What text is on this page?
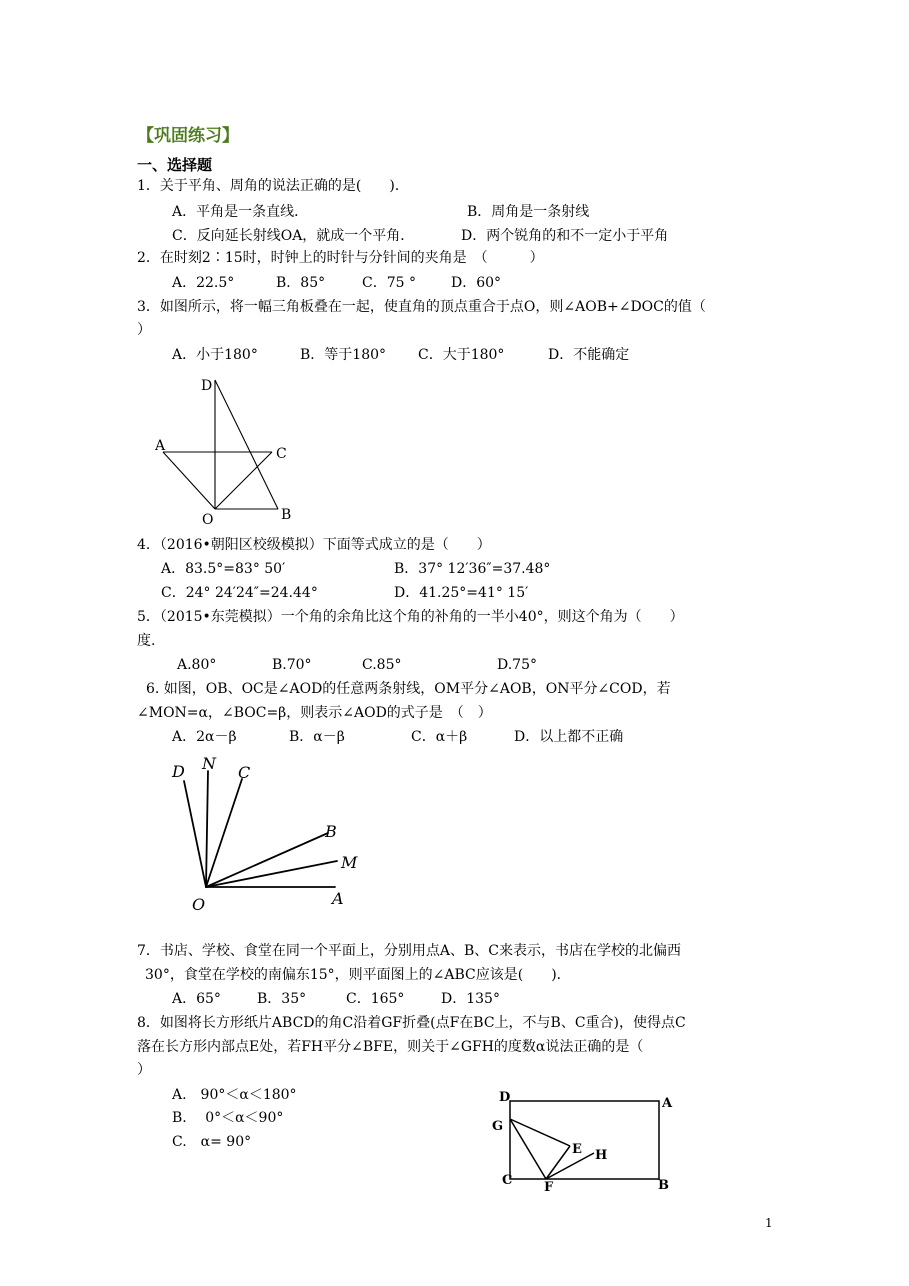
【巩固练习】
一、选择题
1．关于平角、周角的说法正确的是(　　)．
A．平角是一条直线．	B．周角是一条射线
C．反向延长射线OA，就成一个平角．	D．两个锐角的和不一定小于平角
2．在时刻2∶15时，时钟上的时针与分针间的夹角是　（　　　）
A．22.5°	B．85°	C．75 °	D．60°
3．如图所示，将一幅三角板叠在一起，使直角的顶点重合于点O，则∠AOB+∠DOC的值（
）
A．小于180°	B．等于180° C．大于180°	D．不能确定
D
A	C
O	B
4．（2016•朝阳区校级模拟）下面等式成立的是（　　）
A．83.5°=83° 50′	B．37° 12′36″=37.48°
C．24° 24′24″=24.44°	D．41.25°=41° 15′
5．（2015•东莞模拟）一个角的余角比这个角的补角的一半小40°，则这个角为（　　）
度.
A.80°	B.70°	C.85°	D.75°
6. 如图，OB、OC是∠AOD的任意两条射线，OM平分∠AOB，ON平分∠COD，若
∠MON=α，∠BOC=β，则表示∠AOD的式子是　（　）
A．2α－β	B．α－β	C．α＋β	D．以上都不正确
D N C
B
M
O	A
7．书店、学校、食堂在同一个平面上，分别用点A、B、C来表示，书店在学校的北偏西
30°，食堂在学校的南偏东15°，则平面图上的∠ABC应该是(　　)．
A．65°	B．35°	C．165°	D．135°
8．如图将长方形纸片ABCD的角C沿着GF折叠(点F在BC上，不与B、C重合)，使得点C
落在长方形内部点E处，若FH平分∠BFE，则关于∠GFH的度数α说法正确的是（
）
A.　90°＜α＜180°
B.　 0°＜α＜90°
C.　α= 90°
D	A
G
E H
C F	B
1
